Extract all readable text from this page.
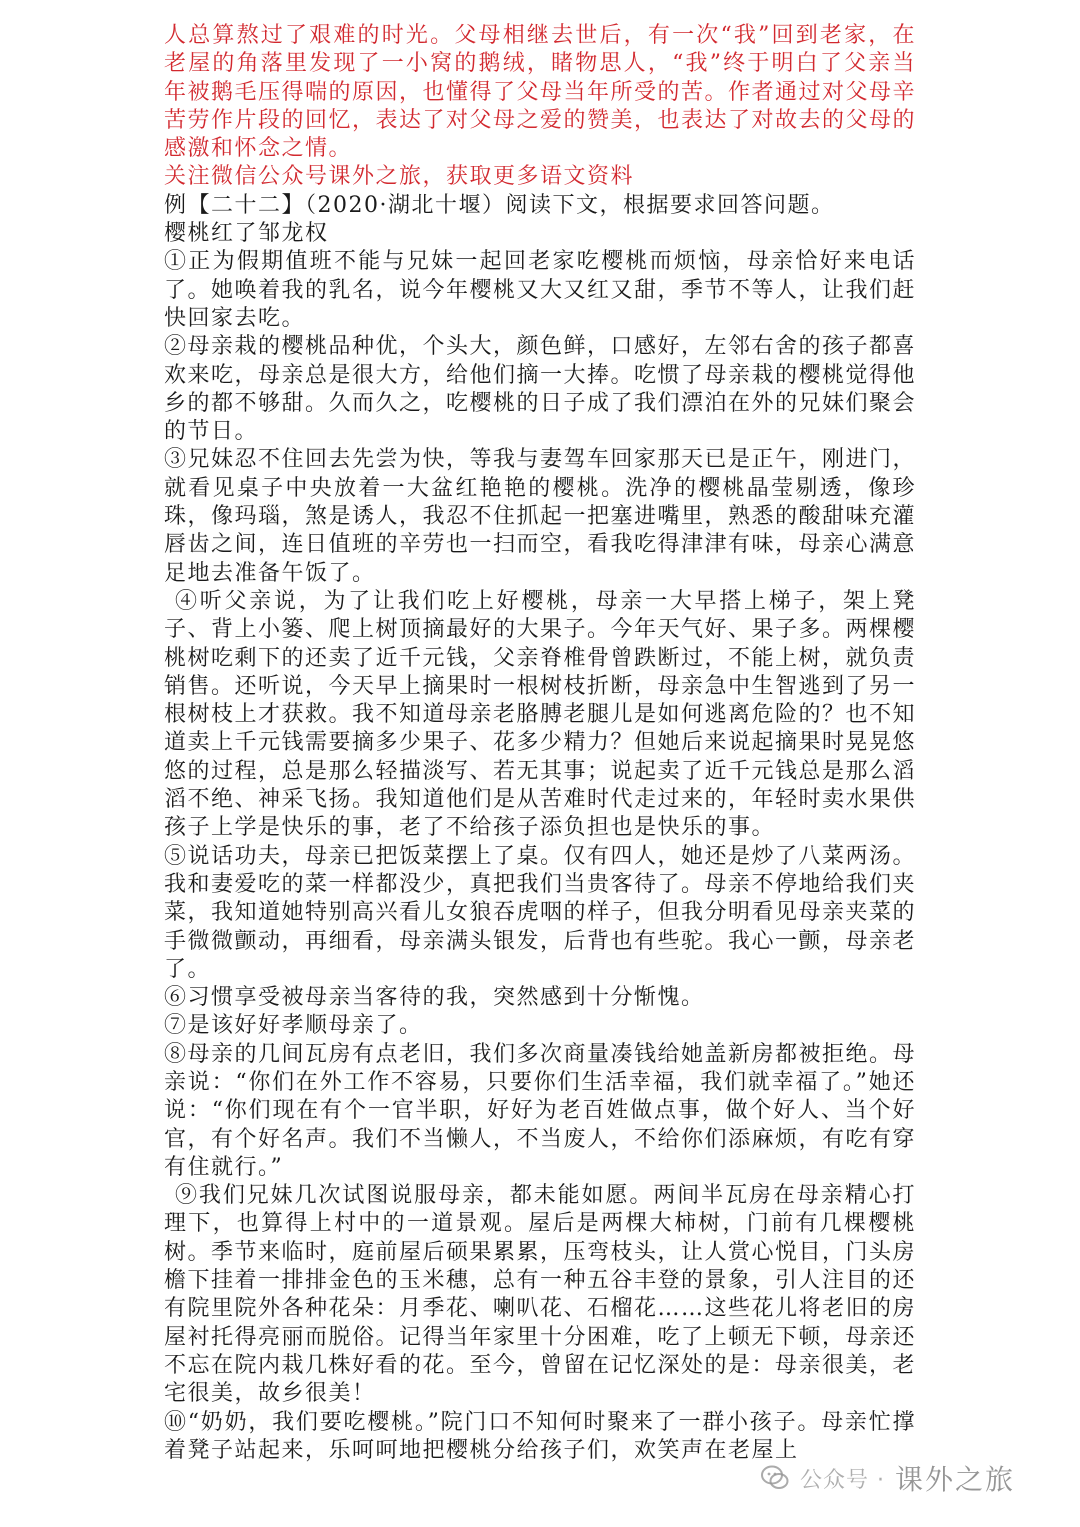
人总算熬过了艰难的时光。父母相继去世后，有一次“我”回到老家，在老屋的角落里发现了一小窝的鹅绒，睹物思人，“我”终于明白了父亲当年被鹅毛压得喘的原因，也懂得了父母当年所受的苦。作者通过对父母辛苦劳作片段的回忆，表达了对父母之爱的赞美，也表达了对故去的父母的感激和怀念之情。

关注微信公众号课外之旅，获取更多语文资料

例【二十二】（2020·湖北十堰）阅读下文，根据要求回答问题。

樱桃红了邹龙权

①正为假期值班不能与兄妹一起回老家吃樱桃而烦恼，母亲恰好来电话了。她唤着我的乳名，说今年樱桃又大又红又甜，季节不等人，让我们赶快回家去吃。

②母亲栽的樱桃品种优，个头大，颜色鲜，口感好，左邻右舍的孩子都喜欢来吃，母亲总是很大方，给他们摘一大捧。吃惯了母亲栽的樱桃觉得他乡的都不够甜。久而久之，吃樱桃的日子成了我们漂泊在外的兄妹们聚会的节日。

③兄妹忍不住回去先尝为快，等我与妻驾车回家那天已是正午，刚进门，就看见桌子中央放着一大盆红艳艳的樱桃。洗净的樱桃晶莹剔透，像珍珠，像玛瑙，煞是诱人，我忍不住抓起一把塞进嘴里，熟悉的酸甜味充灌唇齿之间，连日值班的辛劳也一扫而空，看我吃得津津有味，母亲心满意足地去准备午饭了。

④听父亲说，为了让我们吃上好樱桃，母亲一大早搭上梯子，架上凳子、背上小篓、爬上树顶摘最好的大果子。今年天气好、果子多。两棵樱桃树吃剩下的还卖了近千元钱，父亲脊椎骨曾跌断过，不能上树，就负责销售。还听说，今天早上摘果时一根树枝折断，母亲急中生智逃到了另一根树枝上才获救。我不知道母亲老胳膊老腿儿是如何逃离危险的？也不知道卖上千元钱需要摘多少果子、花多少精力？但她后来说起摘果时晃晃悠悠的过程，总是那么轻描淡写、若无其事；说起卖了近千元钱总是那么滔滔不绝、神采飞扬。我知道他们是从苦难时代走过来的，年轻时卖水果供孩子上学是快乐的事，老了不给孩子添负担也是快乐的事。

⑤说话功夫，母亲已把饭菜摆上了桌。仅有四人，她还是炒了八菜两汤。我和妻爱吃的菜一样都没少，真把我们当贵客待了。母亲不停地给我们夹菜，我知道她特别高兴看儿女狼吞虎咽的样子，但我分明看见母亲夹菜的手微微颤动，再细看，母亲满头银发，后背也有些驼。我心一颤，母亲老了。

⑥习惯享受被母亲当客待的我，突然感到十分惭愧。

⑦是该好好孝顺母亲了。

⑧母亲的几间瓦房有点老旧，我们多次商量凑钱给她盖新房都被拒绝。母亲说：“你们在外工作不容易，只要你们生活幸福，我们就幸福了。”她还说：“你们现在有个一官半职，好好为老百姓做点事，做个好人、当个好官，有个好名声。我们不当懒人，不当废人，不给你们添麻烦，有吃有穿有住就行。”

⑨我们兄妹几次试图说服母亲，都未能如愿。两间半瓦房在母亲精心打理下，也算得上村中的一道景观。屋后是两棵大柿树，门前有几棵樱桃树。季节来临时，庭前屋后硕果累累，压弯枝头，让人赏心悦目，门头房檐下挂着一排排金色的玉米穗，总有一种五谷丰登的景象，引人注目的还有院里院外各种花朵：月季花、喇叭花、石榴花……这些花儿将老旧的房屋衬托得亮丽而脱俗。记得当年家里十分困难，吃了上顿无下顿，母亲还不忘在院内栽几株好看的花。至今，曾留在记忆深处的是：母亲很美，老宅很美，故乡很美！

⑩“奶奶，我们要吃樱桃。”院门口不知何时聚来了一群小孩子。母亲忙撑着凳子站起来，乐呵呵地把樱桃分给孩子们，欢笑声在老屋上

公众号 · 课外之旅
